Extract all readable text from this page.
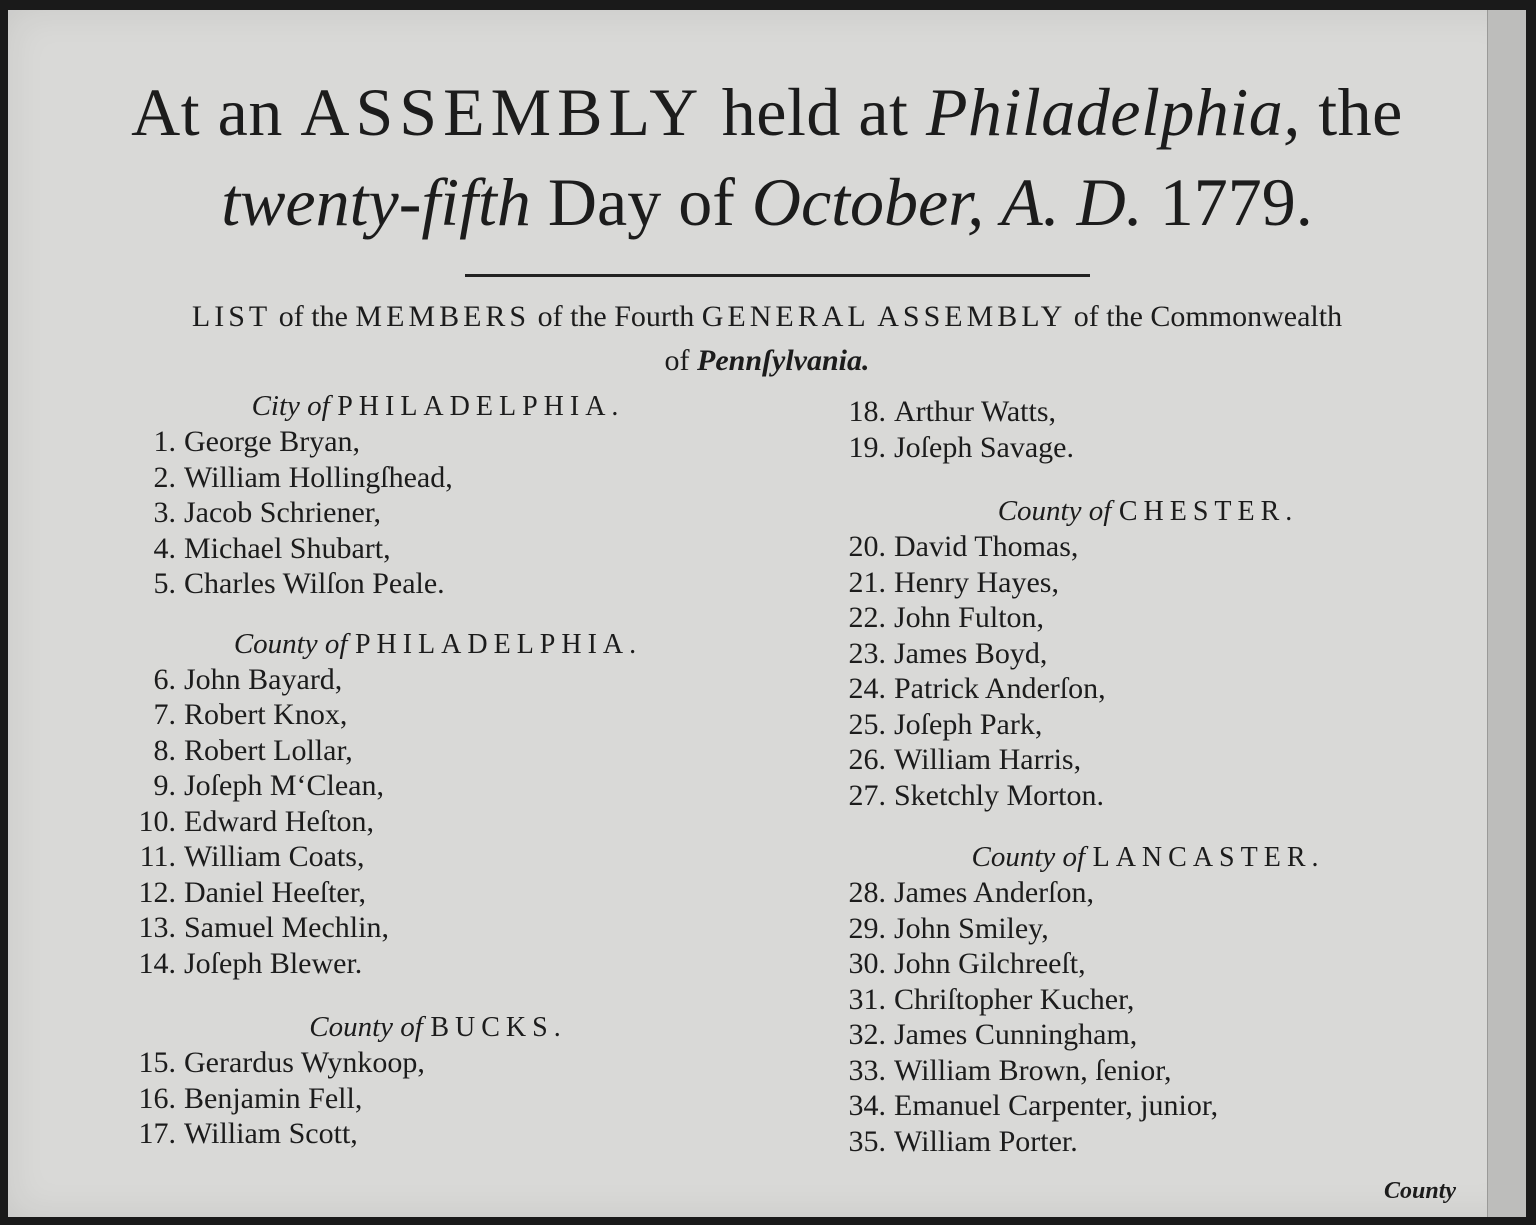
At an ASSEMBLY held at Philadelphia, the
twenty-fifth Day of October, A. D. 1779.
LIST of the MEMBERS of the Fourth GENERAL ASSEMBLY of the Commonwealth
of Pennſylvania.
City of PHILADELPHIA.
1. George Bryan,
2. William Hollingſhead,
3. Jacob Schriener,
4. Michael Shubart,
5. Charles Wilſon Peale.
County of PHILADELPHIA.
6. John Bayard,
7. Robert Knox,
8. Robert Lollar,
9. Joſeph M‘Clean,
10. Edward Heſton,
11. William Coats,
12. Daniel Heeſter,
13. Samuel Mechlin,
14. Joſeph Blewer.
County of BUCKS.
15. Gerardus Wynkoop,
16. Benjamin Fell,
17. William Scott,
18. Arthur Watts,
19. Joſeph Savage.
County of CHESTER.
20. David Thomas,
21. Henry Hayes,
22. John Fulton,
23. James Boyd,
24. Patrick Anderſon,
25. Joſeph Park,
26. William Harris,
27. Sketchly Morton.
County of LANCASTER.
28. James Anderſon,
29. John Smiley,
30. John Gilchreeſt,
31. Chriſtopher Kucher,
32. James Cunningham,
33. William Brown, ſenior,
34. Emanuel Carpenter, junior,
35. William Porter.
County
